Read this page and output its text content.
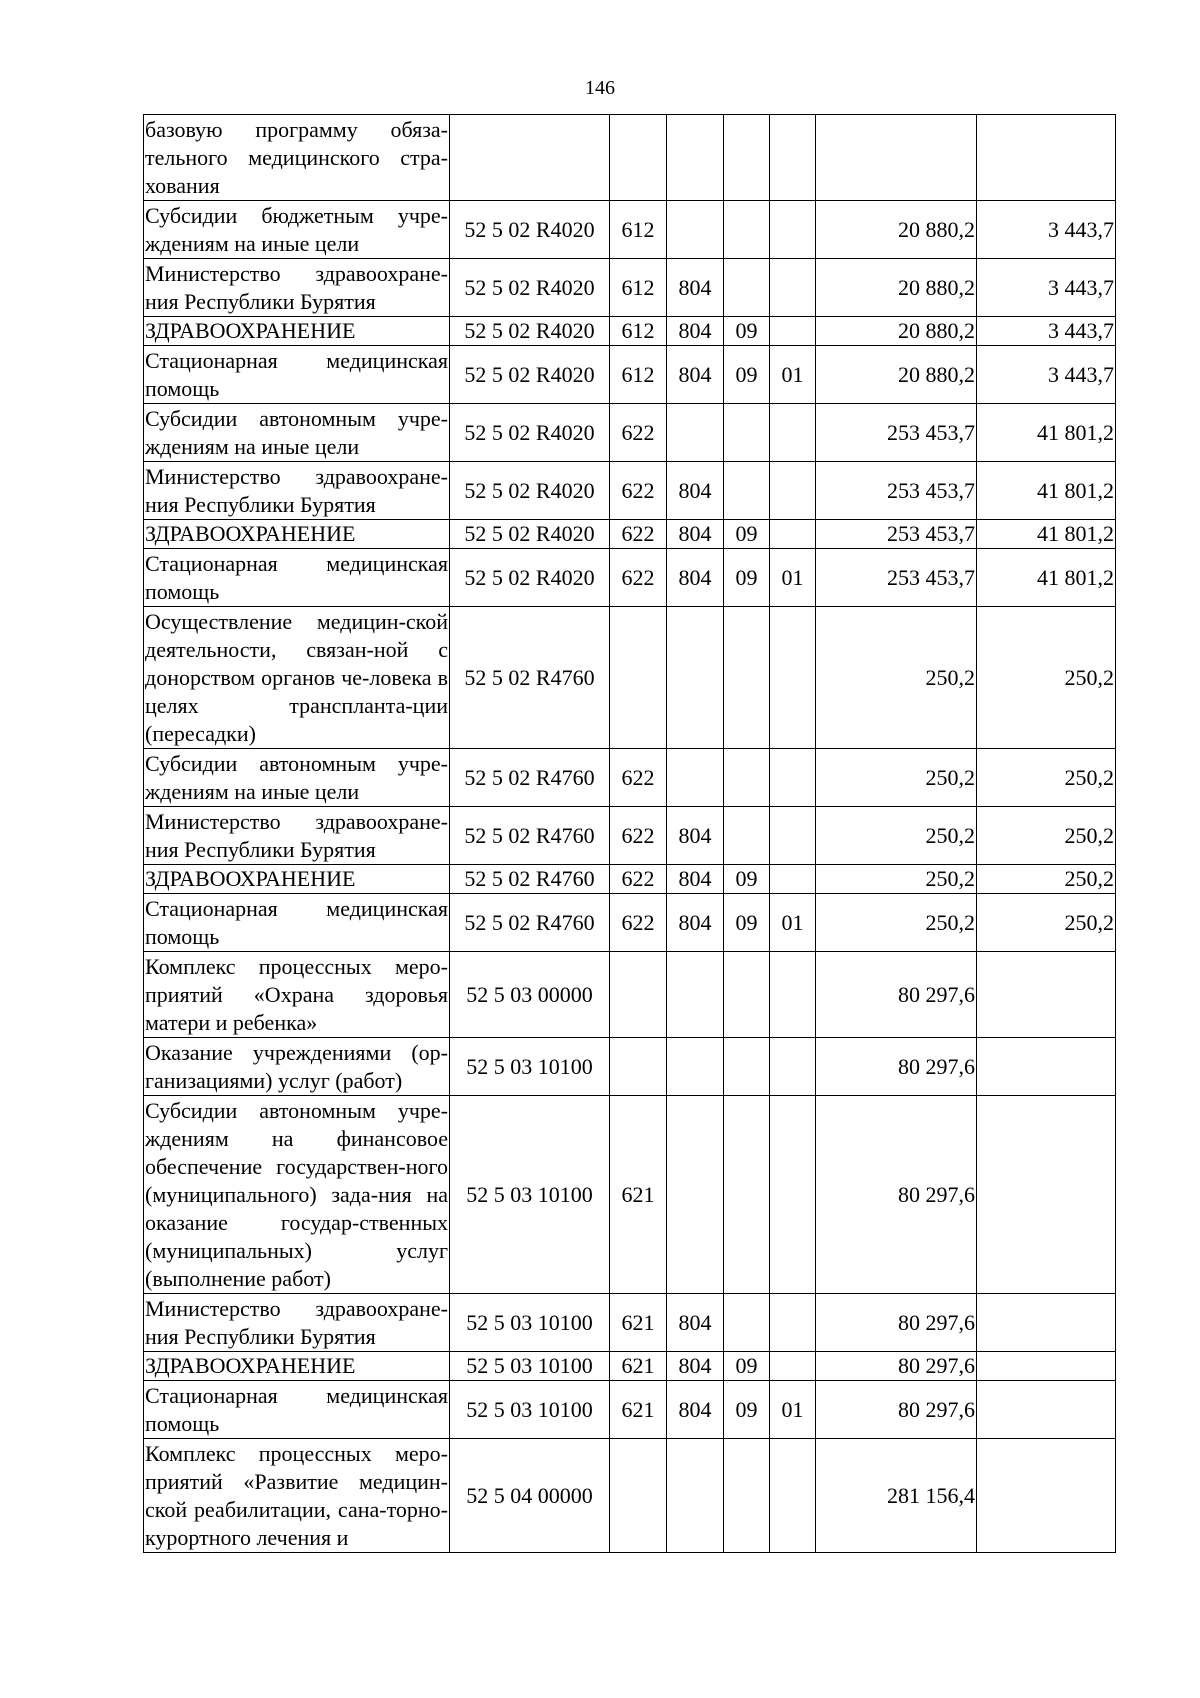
146
базовую программу обяза-тельного медицинского стра-хования							
Субсидии бюджетным учре-ждениям на иные цели	52 5 02 R4020	612				20 880,2	3 443,7
Министерство здравоохране-ния Республики Бурятия	52 5 02 R4020	612	804			20 880,2	3 443,7
ЗДРАВООХРАНЕНИЕ	52 5 02 R4020	612	804	09		20 880,2	3 443,7
Стационарная медицинская помощь	52 5 02 R4020	612	804	09	01	20 880,2	3 443,7
Субсидии автономным учре-ждениям на иные цели	52 5 02 R4020	622				253 453,7	41 801,2
Министерство здравоохране-ния Республики Бурятия	52 5 02 R4020	622	804			253 453,7	41 801,2
ЗДРАВООХРАНЕНИЕ	52 5 02 R4020	622	804	09		253 453,7	41 801,2
Стационарная медицинская помощь	52 5 02 R4020	622	804	09	01	253 453,7	41 801,2
Осуществление медицин-ской деятельности, связан-ной с донорством органов че-ловека в целях транспланта-ции (пересадки)	52 5 02 R4760					250,2	250,2
Субсидии автономным учре-ждениям на иные цели	52 5 02 R4760	622				250,2	250,2
Министерство здравоохране-ния Республики Бурятия	52 5 02 R4760	622	804			250,2	250,2
ЗДРАВООХРАНЕНИЕ	52 5 02 R4760	622	804	09		250,2	250,2
Стационарная медицинская помощь	52 5 02 R4760	622	804	09	01	250,2	250,2
Комплекс процессных меро-приятий «Охрана здоровья матери и ребенка»	52 5 03 00000					80 297,6	
Оказание учреждениями (ор-ганизациями) услуг (работ)	52 5 03 10100					80 297,6	
Субсидии автономным учре-ждениям на финансовое обеспечение государствен-ного (муниципального) зада-ния на оказание государ-ственных (муниципальных) услуг (выполнение работ)	52 5 03 10100	621				80 297,6	
Министерство здравоохране-ния Республики Бурятия	52 5 03 10100	621	804			80 297,6	
ЗДРАВООХРАНЕНИЕ	52 5 03 10100	621	804	09		80 297,6	
Стационарная медицинская помощь	52 5 03 10100	621	804	09	01	80 297,6	
Комплекс процессных меро-приятий «Развитие медицин-ской реабилитации, сана-торно-курортного лечения и	52 5 04 00000					281 156,4	
